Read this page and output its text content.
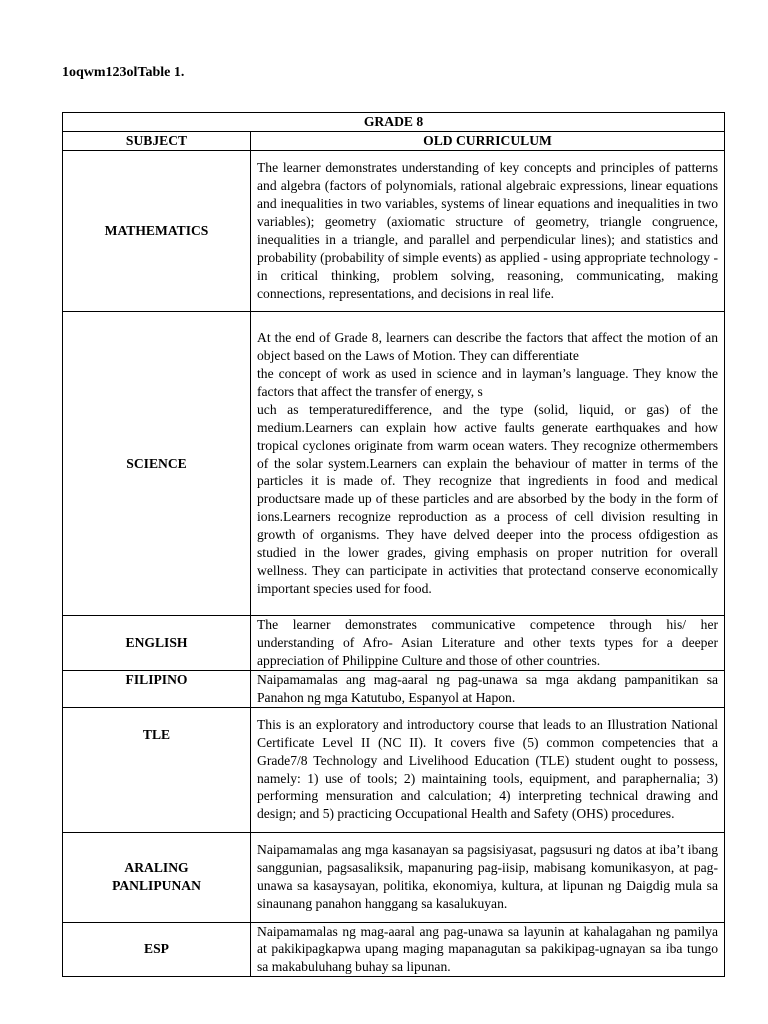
1oqwm123olTable 1.
GRADE 8	
SUBJECT	OLD CURRICULUM
MATHEMATICS	The learner demonstrates understanding of key concepts and principles of patterns and algebra (factors of polynomials, rational algebraic expressions, linear equations and inequalities in two variables, systems of linear equations and inequalities in two variables); geometry (axiomatic structure of geometry, triangle congruence, inequalities in a triangle, and parallel and perpendicular lines); and statistics and probability (probability of simple events) as applied - using appropriate technology - in critical thinking, problem solving, reasoning, communicating, making connections, representations, and decisions in real life.
SCIENCE	At the end of Grade 8, learners can describe the factors that affect the motion of an object based on the Laws of Motion. They can differentiate
the concept of work as used in science and in layman’s language. They know the factors that affect the transfer of energy, s
uch as temperaturedifference, and the type (solid, liquid, or gas) of the medium.Learners can explain how active faults generate earthquakes and how tropical cyclones originate from warm ocean waters. They recognize othermembers of the solar system.Learners can explain the behaviour of matter in terms of the particles it is made of. They recognize that ingredients in food and medical productsare made up of these particles and are absorbed by the body in the form of ions.Learners recognize reproduction as a process of cell division resulting in growth of organisms. They have delved deeper into the process ofdigestion as studied in the lower grades, giving emphasis on proper nutrition for overall wellness. They can participate in activities that protectand conserve economically important species used for food.

ENGLISH	The learner demonstrates communicative competence through his/ her understanding of Afro- Asian Literature and other texts types for a deeper appreciation of Philippine Culture and those of other countries.
FILIPINO	Naipamamalas ang mag-aaral ng pag-unawa sa mga akdang pampanitikan sa Panahon ng mga Katutubo, Espanyol at Hapon.
TLE	This is an exploratory and introductory course that leads to an Illustration National Certificate Level II (NC II). It covers five (5) common competencies that a Grade7/8 Technology and Livelihood Education (TLE) student ought to possess, namely: 1) use of tools; 2) maintaining tools, equipment, and paraphernalia; 3) performing mensuration and calculation; 4) interpreting technical drawing and design; and 5) practicing Occupational Health and Safety (OHS) procedures.

ARALING
PANLIPUNAN	Naipamamalas ang mga kasanayan sa pagsisiyasat, pagsusuri ng datos at iba’t ibang sanggunian, pagsasaliksik, mapanuring pag-iisip, mabisang komunikasyon, at pag-unawa sa kasaysayan, politika, ekonomiya, kultura, at lipunan ng Daigdig mula sa sinaunang panahon hanggang sa kasalukuyan.
ESP	Naipamamalas ng mag-aaral ang pag-unawa sa layunin at kahalagahan ng pamilya at pakikipagkapwa upang maging mapanagutan sa pakikipag-ugnayan sa iba tungo sa makabuluhang buhay sa lipunan.
